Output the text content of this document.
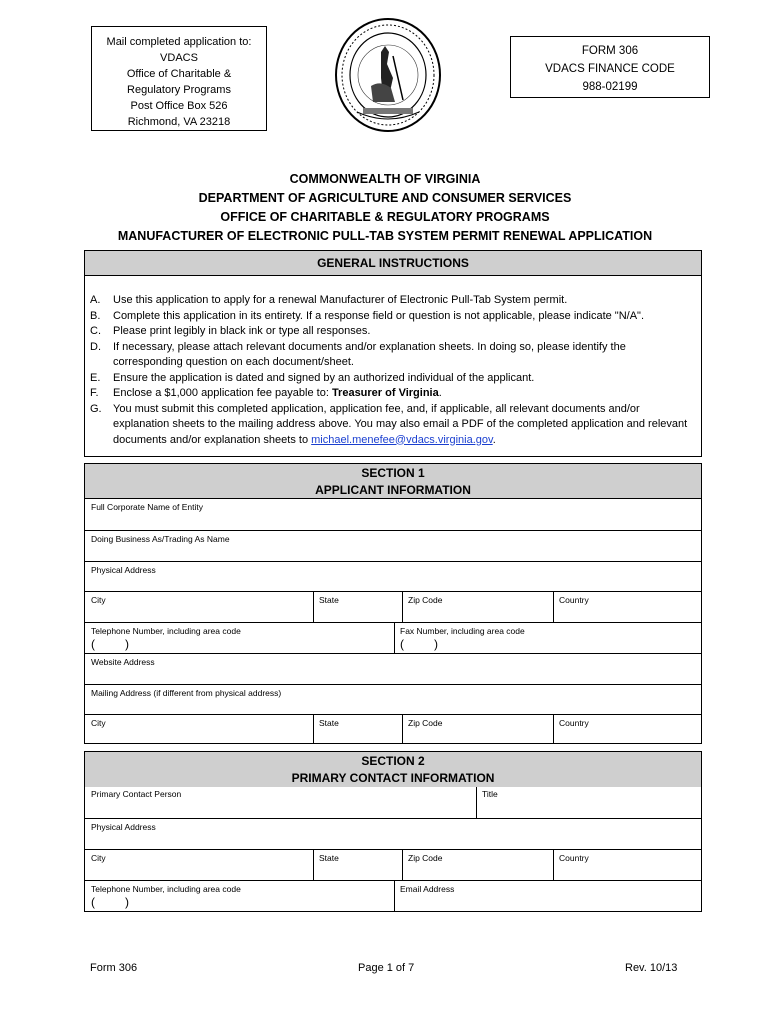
Mail completed application to:
VDACS
Office of Charitable &
Regulatory Programs
Post Office Box 526
Richmond, VA 23218
FORM 306
VDACS FINANCE CODE
988-02199
COMMONWEALTH OF VIRGINIA
DEPARTMENT OF AGRICULTURE AND CONSUMER SERVICES
OFFICE OF CHARITABLE & REGULATORY PROGRAMS
MANUFACTURER OF ELECTRONIC PULL-TAB SYSTEM PERMIT RENEWAL APPLICATION
GENERAL INSTRUCTIONS
A.	Use this application to apply for a renewal Manufacturer of Electronic Pull-Tab System permit.
B.	Complete this application in its entirety. If a response field or question is not applicable, please indicate "N/A".
C.	Please print legibly in black ink or type all responses.
D.	If necessary, please attach relevant documents and/or explanation sheets. In doing so, please identify the corresponding question on each document/sheet.
E.	Ensure the application is dated and signed by an authorized individual of the applicant.
F.	Enclose a $1,000 application fee payable to: Treasurer of Virginia.
G.	You must submit this completed application, application fee, and, if applicable, all relevant documents and/or explanation sheets to the mailing address above. You may also email a PDF of the completed application and relevant documents and/or explanation sheets to michael.menefee@vdacs.virginia.gov.
SECTION 1
APPLICANT INFORMATION
Full Corporate Name of Entity
Doing Business As/Trading As Name
Physical Address
City	State	Zip Code	Country
Telephone Number, including area code
(	)
Fax Number, including area code
(	)
Website Address
Mailing Address (if different from physical address)
City	State	Zip Code	Country
SECTION 2
PRIMARY CONTACT INFORMATION
Primary Contact Person	Title
Physical Address
City	State	Zip Code	Country
Telephone Number, including area code
(	)
Email Address
Form 306	Page 1 of 7	Rev. 10/13
